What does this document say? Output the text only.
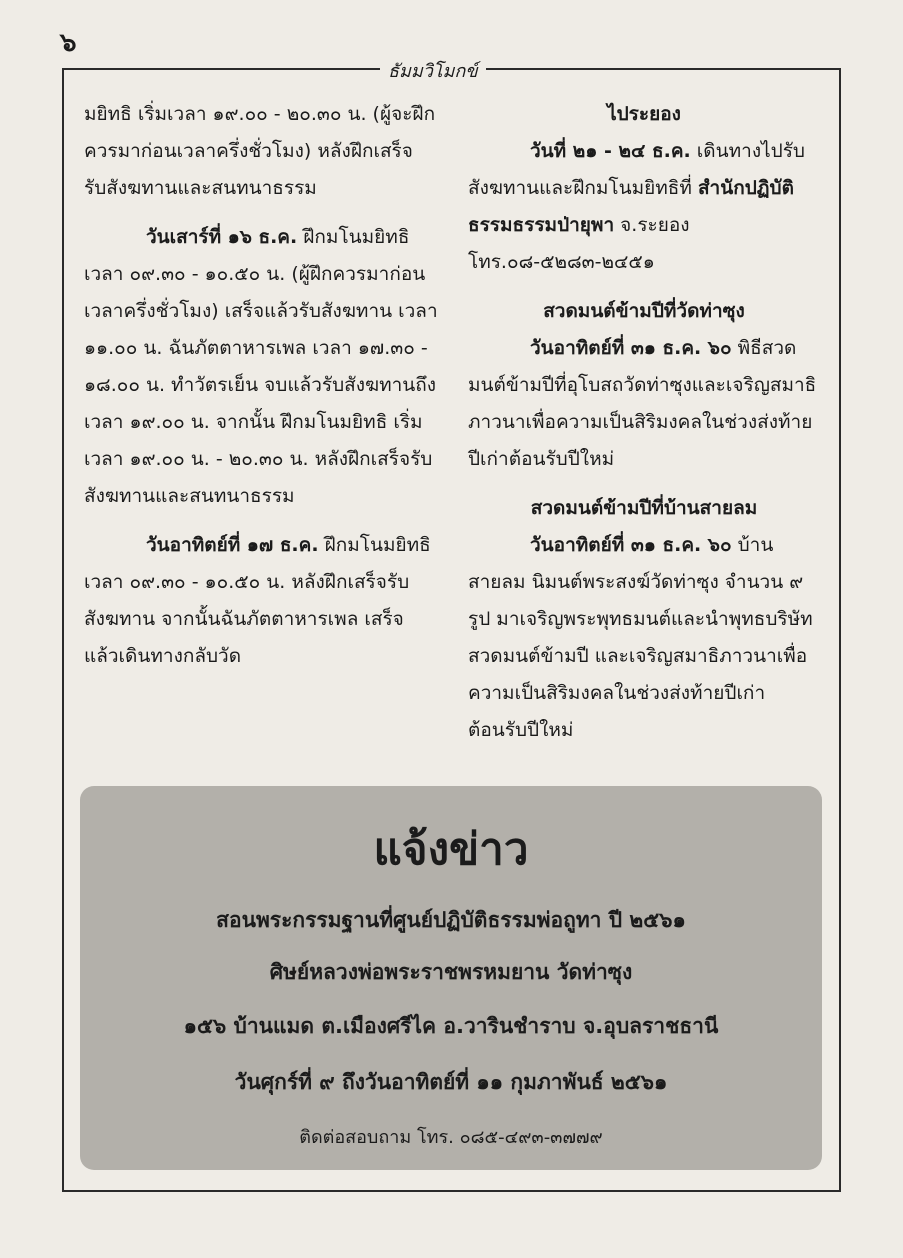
๖
ธัมมวิโมกข์

มยิทธิ เริ่มเวลา ๑๙.๐๐ - ๒๐.๓๐ น. (ผู้จะฝึกควรมาก่อนเวลาครึ่งชั่วโมง) หลังฝึกเสร็จ รับสังฆทานและสนทนาธรรม

วันเสาร์ที่ ๑๖ ธ.ค. ฝึกมโนมยิทธิ เวลา ๐๙.๓๐ - ๑๐.๕๐ น. (ผู้ฝึกควรมาก่อนเวลาครึ่งชั่วโมง) เสร็จแล้วรับสังฆทาน เวลา ๑๑.๐๐ น. ฉันภัตตาหารเพล เวลา ๑๗.๓๐ - ๑๘.๐๐ น. ทำวัตรเย็น จบแล้วรับสังฆทานถึงเวลา ๑๙.๐๐ น. จากนั้น ฝึกมโนมยิทธิ เริ่มเวลา ๑๙.๐๐ น. - ๒๐.๓๐ น. หลังฝึกเสร็จรับสังฆทานและสนทนาธรรม

วันอาทิตย์ที่ ๑๗ ธ.ค. ฝึกมโนมยิทธิ เวลา ๐๙.๓๐ - ๑๐.๕๐ น. หลังฝึกเสร็จรับสังฆทาน จากนั้นฉันภัตตาหารเพล เสร็จแล้วเดินทางกลับวัด

ไประยอง

วันที่ ๒๑ - ๒๔ ธ.ค. เดินทางไปรับสังฆทานและฝึกมโนมยิทธิที่ สำนักปฏิบัติธรรมธรรมป่ายุพา จ.ระยองโทร.๐๘-๕๒๘๓-๒๔๕๑

สวดมนต์ข้ามปีที่วัดท่าซุง

วันอาทิตย์ที่ ๓๑ ธ.ค. ๖๐ พิธีสวดมนต์ข้ามปีที่อุโบสถวัดท่าซุงและเจริญสมาธิภาวนาเพื่อความเป็นสิริมงคลในช่วงส่งท้ายปีเก่าต้อนรับปีใหม่

สวดมนต์ข้ามปีที่บ้านสายลม

วันอาทิตย์ที่ ๓๑ ธ.ค. ๖๐ บ้านสายลม นิมนต์พระสงฆ์วัดท่าซุง จำนวน ๙ รูป มาเจริญพระพุทธมนต์และนำพุทธบริษัทสวดมนต์ข้ามปี และเจริญสมาธิภาวนาเพื่อความเป็นสิริมงคลในช่วงส่งท้ายปีเก่าต้อนรับปีใหม่

แจ้งข่าว
สอนพระกรรมฐานที่ศูนย์ปฏิบัติธรรมพ่อถูทา ปี ๒๕๖๑
ศิษย์หลวงพ่อพระราชพรหมยาน วัดท่าซุง
๑๕๖ บ้านแมด ต.เมืองศรีไค อ.วารินชำราบ จ.อุบลราชธานี
วันศุกร์ที่ ๙ ถึงวันอาทิตย์ที่ ๑๑ กุมภาพันธ์ ๒๕๖๑
ติดต่อสอบถาม โทร. ๐๘๕-๔๙๓-๓๗๗๙
